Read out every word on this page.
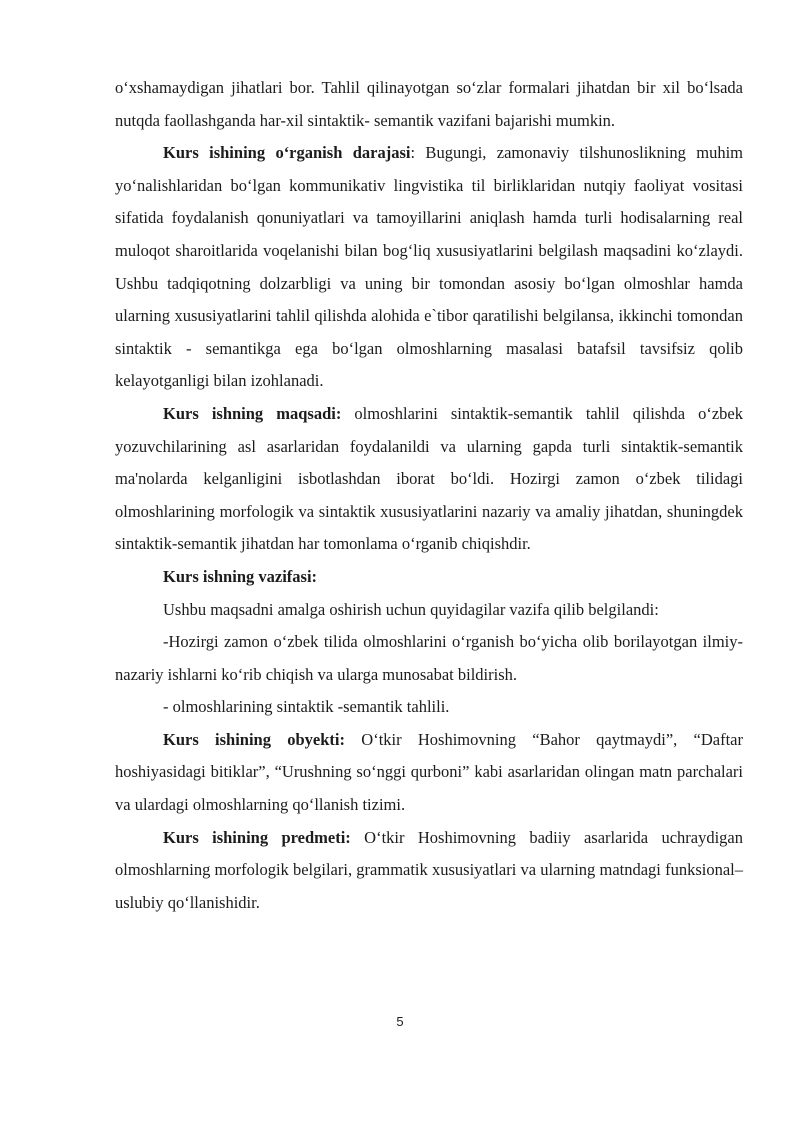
o‘xshamaydigan jihatlari bor. Tahlil qilinayotgan so‘zlar formalari jihatdan bir xil bo‘lsada nutqda faollashganda har-xil sintaktik- semantik vazifani bajarishi mumkin.

Kurs ishining o‘rganish darajasi: Bugungi, zamonaviy tilshunoslikning muhim yo‘nalishlaridan bo‘lgan kommunikativ lingvistika til birliklaridan nutqiy faoliyat vositasi sifatida foydalanish qonuniyatlari va tamoyillarini aniqlash hamda turli hodisalarning real muloqot sharoitlarida voqelanishi bilan bog‘liq xususiyatlarini belgilash maqsadini ko‘zlaydi. Ushbu tadqiqotning dolzarbligi va uning bir tomondan asosiy bo‘lgan olmoshlar hamda ularning xususiyatlarini tahlil qilishda alohida e`tibor qaratilishi belgilansa, ikkinchi tomondan sintaktik - semantikga ega bo‘lgan olmoshlarning masalasi batafsil tavsifsiz qolib kelayotganligi bilan izohlanadi.

Kurs ishning maqsadi: olmoshlarini sintaktik-semantik tahlil qilishda o‘zbek yozuvchilarining asl asarlaridan foydalanildi va ularning gapda turli sintaktik-semantik ma'nolarda kelganligini isbotlashdan iborat bo‘ldi. Hozirgi zamon o‘zbek tilidagi olmoshlarining morfologik va sintaktik xususiyatlarini nazariy va amaliy jihatdan, shuningdek sintaktik-semantik jihatdan har tomonlama o‘rganib chiqishdir.

Kurs ishning vazifasi:

Ushbu maqsadni amalga oshirish uchun quyidagilar vazifa qilib belgilandi:

-Hozirgi zamon o‘zbek tilida olmoshlarini o‘rganish bo‘yicha olib borilayotgan ilmiy-nazariy ishlarni ko‘rib chiqish va ularga munosabat bildirish.

- olmoshlarining sintaktik -semantik tahlili.

Kurs ishining obyekti: O‘tkir Hoshimovning “Bahor qaytmaydi”, “Daftar hoshiyasidagi bitiklar”, “Urushning so‘nggi qurboni” kabi asarlaridan olingan matn parchalari va ulardagi olmoshlarning qo‘llanish tizimi.

Kurs ishining predmeti: O‘tkir Hoshimovning badiiy asarlarida uchraydigan olmoshlarning morfologik belgilari, grammatik xususiyatlari va ularning matndagi funksional–uslubiy qo‘llanishidir.

5
